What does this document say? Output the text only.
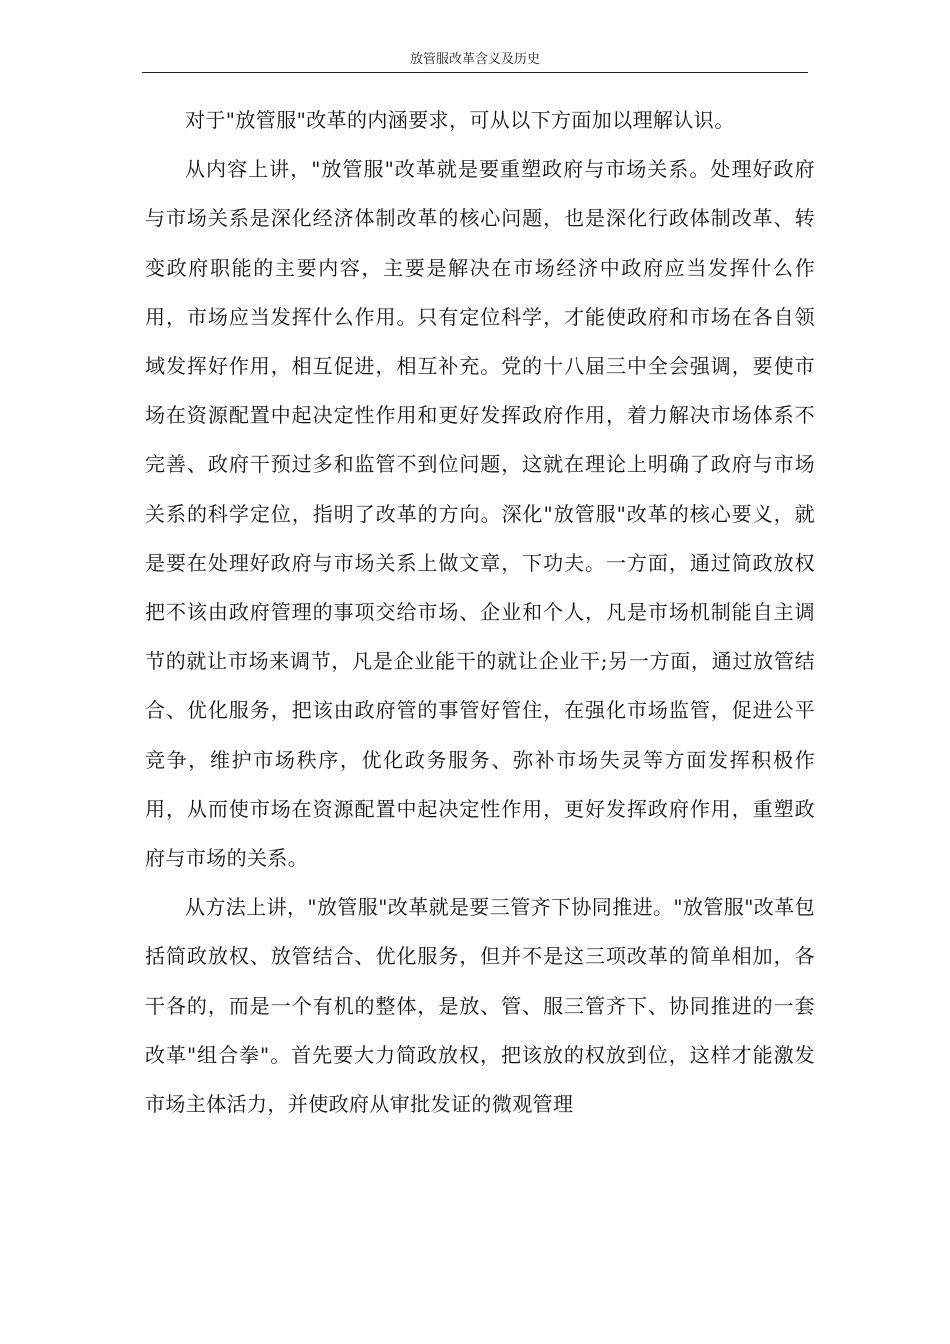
放管服改革含义及历史

对于"放管服"改革的内涵要求，可从以下方面加以理解认识。

从内容上讲，"放管服"改革就是要重塑政府与市场关系。处理好政府与市场关系是深化经济体制改革的核心问题，也是深化行政体制改革、转变政府职能的主要内容，主要是解决在市场经济中政府应当发挥什么作用，市场应当发挥什么作用。只有定位科学，才能使政府和市场在各自领域发挥好作用，相互促进，相互补充。党的十八届三中全会强调，要使市场在资源配置中起决定性作用和更好发挥政府作用，着力解决市场体系不完善、政府干预过多和监管不到位问题，这就在理论上明确了政府与市场关系的科学定位，指明了改革的方向。深化"放管服"改革的核心要义，就是要在处理好政府与市场关系上做文章，下功夫。一方面，通过简政放权把不该由政府管理的事项交给市场、企业和个人，凡是市场机制能自主调节的就让市场来调节，凡是企业能干的就让企业干;另一方面，通过放管结合、优化服务，把该由政府管的事管好管住，在强化市场监管，促进公平竞争，维护市场秩序，优化政务服务、弥补市场失灵等方面发挥积极作用，从而使市场在资源配置中起决定性作用，更好发挥政府作用，重塑政府与市场的关系。

从方法上讲，"放管服"改革就是要三管齐下协同推进。"放管服"改革包括简政放权、放管结合、优化服务，但并不是这三项改革的简单相加，各干各的，而是一个有机的整体，是放、管、服三管齐下、协同推进的一套改革"组合拳"。首先要大力简政放权，把该放的权放到位，这样才能激发市场主体活力，并使政府从审批发证的微观管理
